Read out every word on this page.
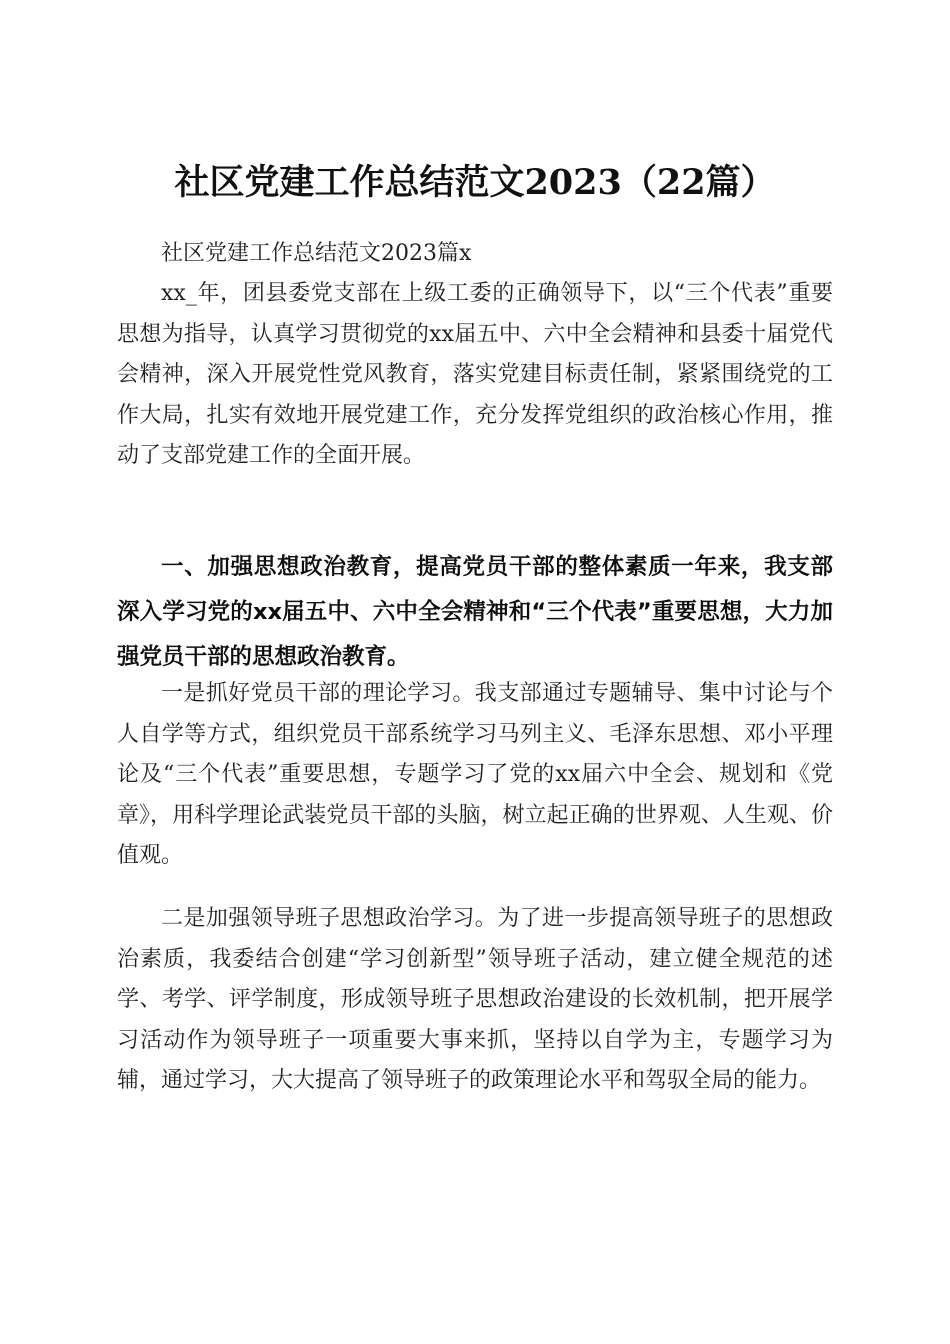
社区党建工作总结范文2023（22篇）

社区党建工作总结范文2023篇x

xx_年，团县委党支部在上级工委的正确领导下，以“三个代表”重要思想为指导，认真学习贯彻党的xx届五中、六中全会精神和县委十届党代会精神，深入开展党性党风教育，落实党建目标责任制，紧紧围绕党的工作大局，扎实有效地开展党建工作，充分发挥党组织的政治核心作用，推动了支部党建工作的全面开展。

一、加强思想政治教育，提高党员干部的整体素质一年来，我支部深入学习党的xx届五中、六中全会精神和“三个代表”重要思想，大力加强党员干部的思想政治教育。

一是抓好党员干部的理论学习。我支部通过专题辅导、集中讨论与个人自学等方式，组织党员干部系统学习马列主义、毛泽东思想、邓小平理论及“三个代表”重要思想，专题学习了党的xx届六中全会、规划和《党章》，用科学理论武装党员干部的头脑，树立起正确的世界观、人生观、价值观。

二是加强领导班子思想政治学习。为了进一步提高领导班子的思想政治素质，我委结合创建“学习创新型”领导班子活动，建立健全规范的述学、考学、评学制度，形成领导班子思想政治建设的长效机制，把开展学习活动作为领导班子一项重要大事来抓，坚持以自学为主，专题学习为辅，通过学习，大大提高了领导班子的政策理论水平和驾驭全局的能力。
